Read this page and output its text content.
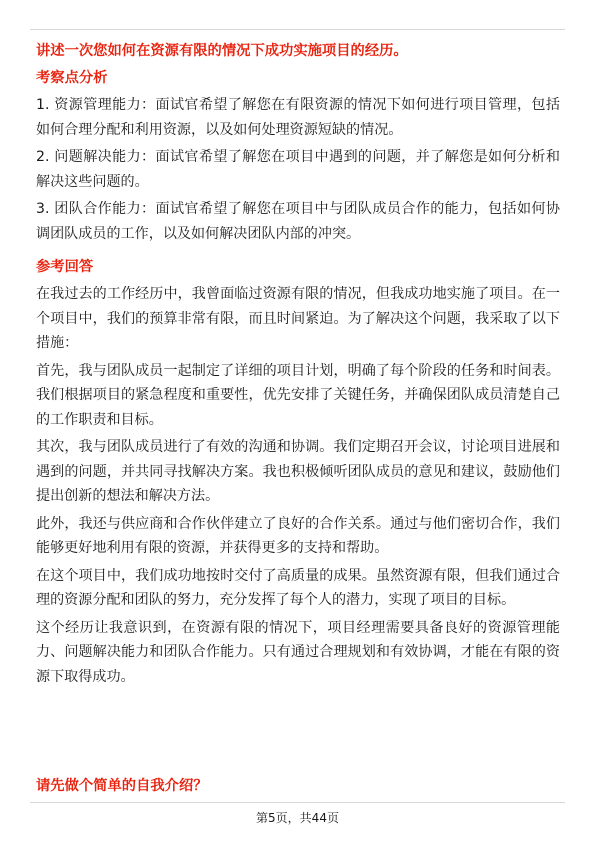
讲述一次您如何在资源有限的情况下成功实施项目的经历。
考察点分析
1. 资源管理能力：面试官希望了解您在有限资源的情况下如何进行项目管理，包括如何合理分配和利用资源，以及如何处理资源短缺的情况。
2. 问题解决能力：面试官希望了解您在项目中遇到的问题，并了解您是如何分析和解决这些问题的。
3. 团队合作能力：面试官希望了解您在项目中与团队成员合作的能力，包括如何协调团队成员的工作，以及如何解决团队内部的冲突。
参考回答
在我过去的工作经历中，我曾面临过资源有限的情况，但我成功地实施了项目。在一个项目中，我们的预算非常有限，而且时间紧迫。为了解决这个问题，我采取了以下措施：
首先，我与团队成员一起制定了详细的项目计划，明确了每个阶段的任务和时间表。我们根据项目的紧急程度和重要性，优先安排了关键任务，并确保团队成员清楚自己的工作职责和目标。
其次，我与团队成员进行了有效的沟通和协调。我们定期召开会议，讨论项目进展和遇到的问题，并共同寻找解决方案。我也积极倾听团队成员的意见和建议，鼓励他们提出创新的想法和解决方法。
此外，我还与供应商和合作伙伴建立了良好的合作关系。通过与他们密切合作，我们能够更好地利用有限的资源，并获得更多的支持和帮助。
在这个项目中，我们成功地按时交付了高质量的成果。虽然资源有限，但我们通过合理的资源分配和团队的努力，充分发挥了每个人的潜力，实现了项目的目标。
这个经历让我意识到，在资源有限的情况下，项目经理需要具备良好的资源管理能力、问题解决能力和团队合作能力。只有通过合理规划和有效协调，才能在有限的资源下取得成功。
请先做个简单的自我介绍？
第5页，共44页
